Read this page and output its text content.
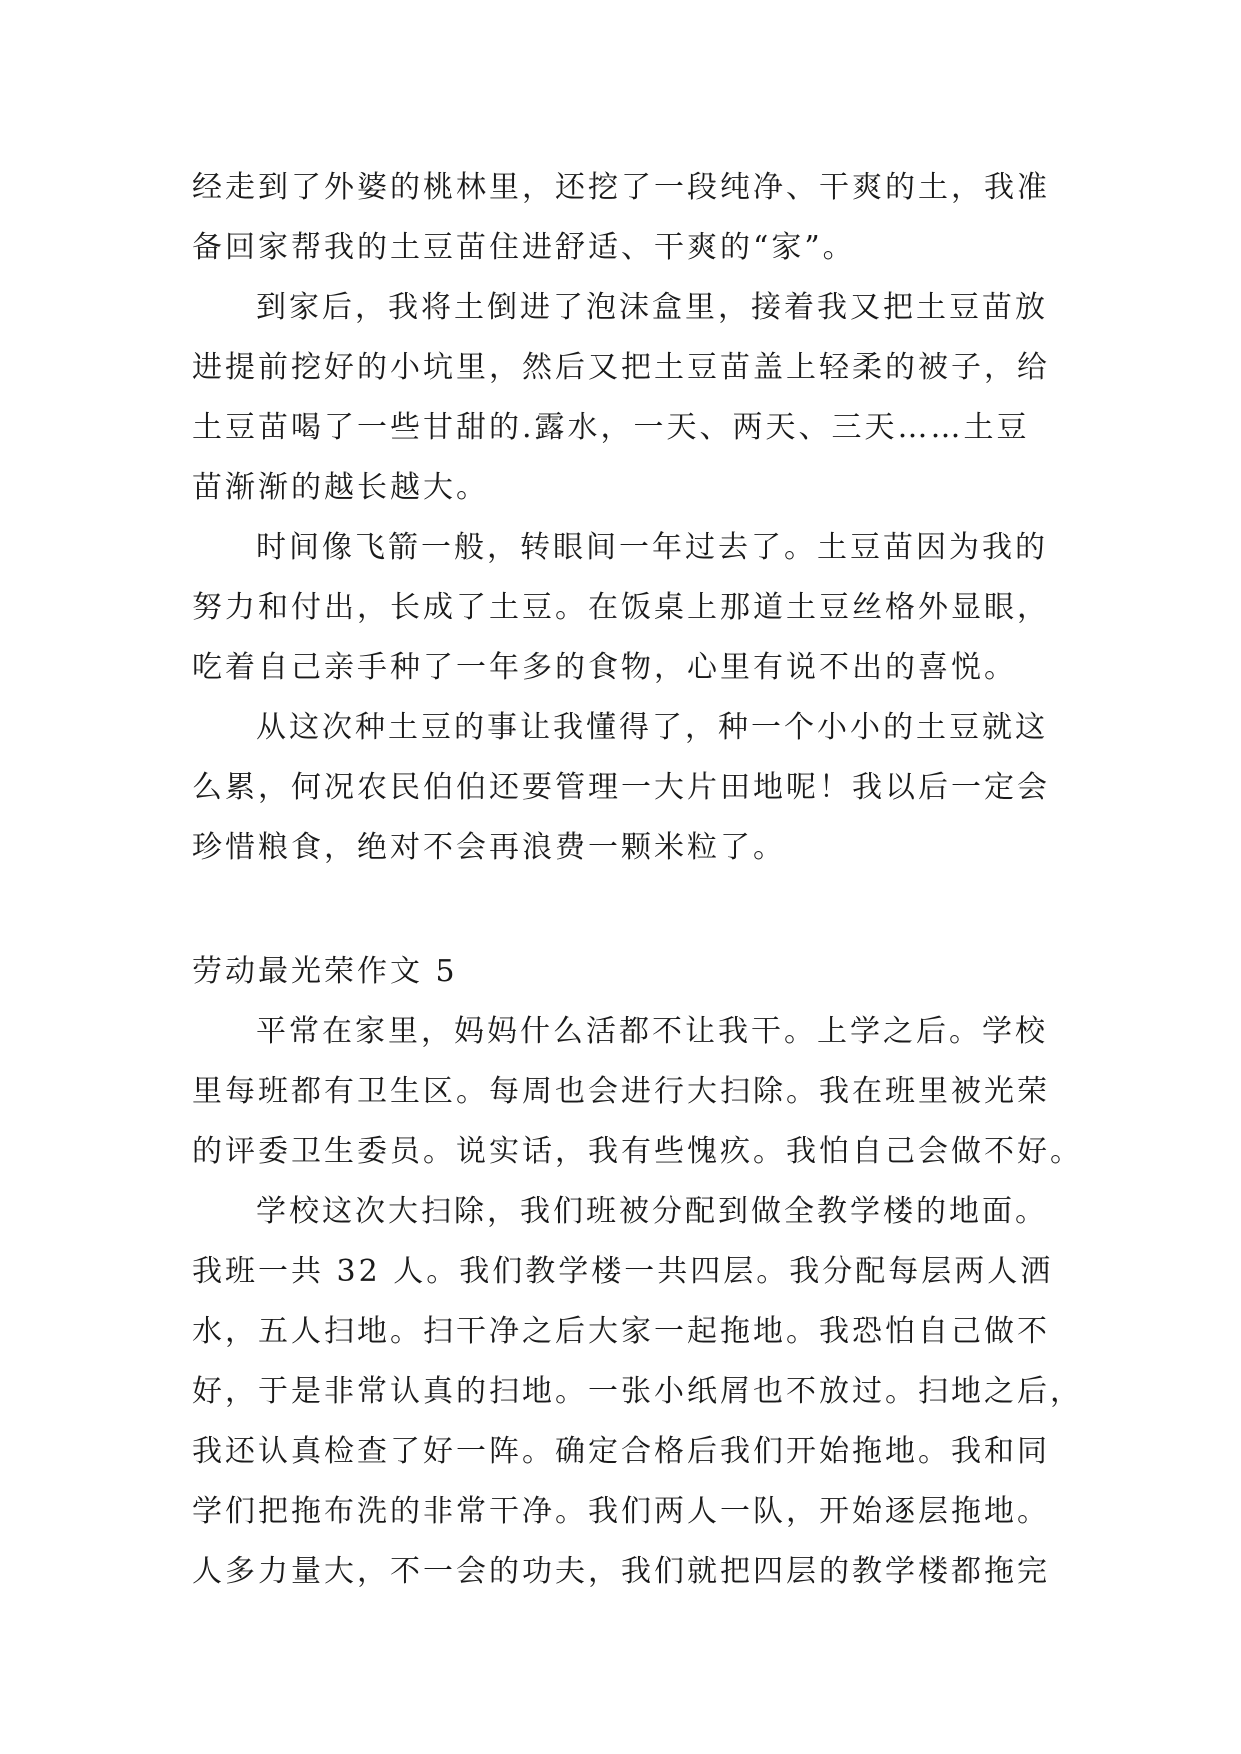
经走到了外婆的桃林里，还挖了一段纯净、干爽的土，我准
备回家帮我的土豆苗住进舒适、干爽的“家”。
到家后，我将土倒进了泡沫盒里，接着我又把土豆苗放
进提前挖好的小坑里，然后又把土豆苗盖上轻柔的被子，给
土豆苗喝了一些甘甜的.露水，一天、两天、三天……土豆
苗渐渐的越长越大。
时间像飞箭一般，转眼间一年过去了。土豆苗因为我的
努力和付出，长成了土豆。在饭桌上那道土豆丝格外显眼，
吃着自己亲手种了一年多的食物，心里有说不出的喜悦。
从这次种土豆的事让我懂得了，种一个小小的土豆就这
么累，何况农民伯伯还要管理一大片田地呢！我以后一定会
珍惜粮食，绝对不会再浪费一颗米粒了。
劳动最光荣作文 5
平常在家里，妈妈什么活都不让我干。上学之后。学校
里每班都有卫生区。每周也会进行大扫除。我在班里被光荣
的评委卫生委员。说实话，我有些愧疚。我怕自己会做不好。
学校这次大扫除，我们班被分配到做全教学楼的地面。
我班一共 32 人。我们教学楼一共四层。我分配每层两人洒
水，五人扫地。扫干净之后大家一起拖地。我恐怕自己做不
好，于是非常认真的扫地。一张小纸屑也不放过。扫地之后，
我还认真检查了好一阵。确定合格后我们开始拖地。我和同
学们把拖布洗的非常干净。我们两人一队，开始逐层拖地。
人多力量大，不一会的功夫，我们就把四层的教学楼都拖完
